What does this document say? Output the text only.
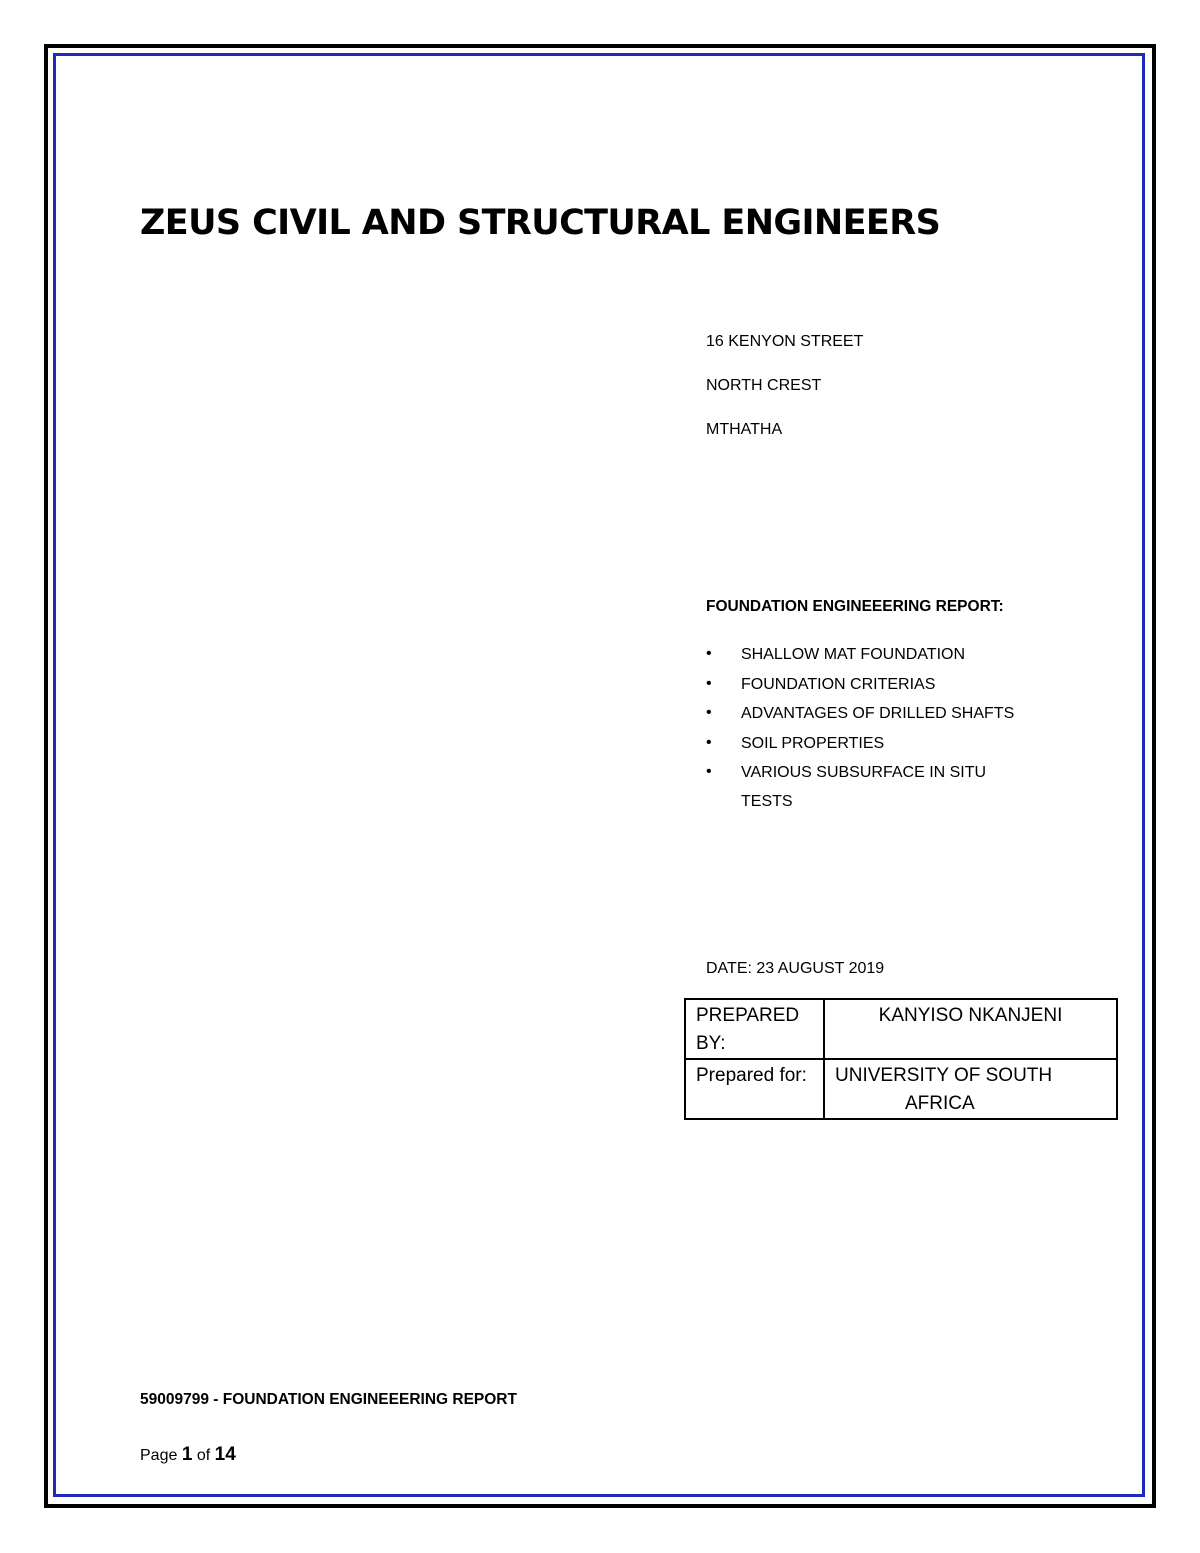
ZEUS CIVIL AND STRUCTURAL ENGINEERS
16 KENYON STREET
NORTH CREST
MTHATHA
FOUNDATION ENGINEEERING REPORT:
• SHALLOW MAT FOUNDATION
• FOUNDATION CRITERIAS
• ADVANTAGES OF DRILLED SHAFTS
• SOIL PROPERTIES
• VARIOUS SUBSURFACE IN SITU TESTS
DATE: 23 AUGUST 2019
PREPARED BY:	KANYISO NKANJENI
Prepared for:	UNIVERSITY OF SOUTH
AFRICA
59009799 - FOUNDATION ENGINEEERING REPORT
Page 1 of 14
